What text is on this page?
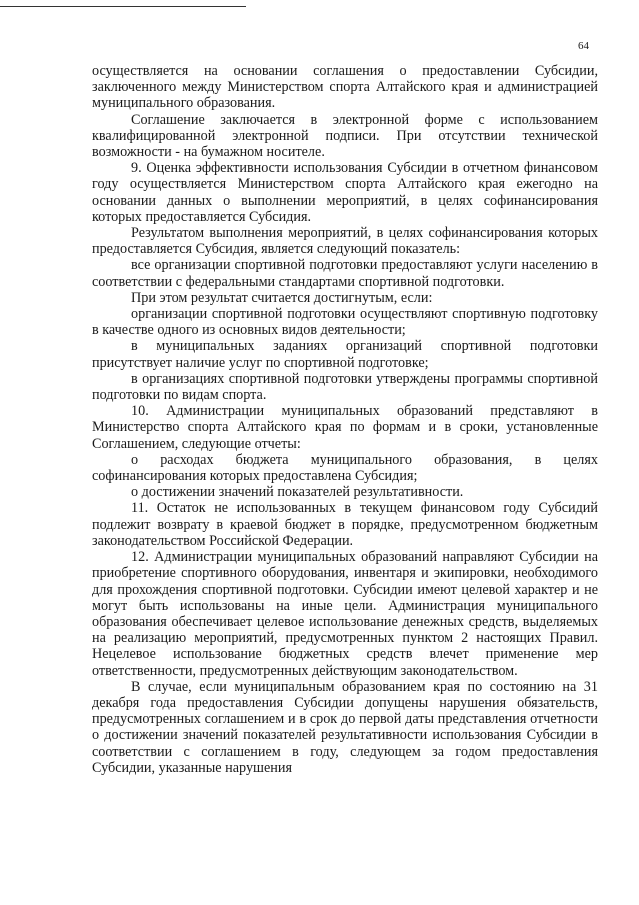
64

осуществляется на основании соглашения о предоставлении Субсидии, заключенного между Министерством спорта Алтайского края и администрацией муниципального образования.

Соглашение заключается в электронной форме с использованием квалифицированной электронной подписи. При отсутствии технической возможности - на бумажном носителе.

9. Оценка эффективности использования Субсидии в отчетном финансовом году осуществляется Министерством спорта Алтайского края ежегодно на основании данных о выполнении мероприятий, в целях софинансирования которых предоставляется Субсидия.

Результатом выполнения мероприятий, в целях софинансирования которых предоставляется Субсидия, является следующий показатель:

все организации спортивной подготовки предоставляют услуги населению в соответствии с федеральными стандартами спортивной подготовки.

При этом результат считается достигнутым, если:

организации спортивной подготовки осуществляют спортивную подготовку в качестве одного из основных видов деятельности;

в муниципальных заданиях организаций спортивной подготовки присутствует наличие услуг по спортивной подготовке;

в организациях спортивной подготовки утверждены программы спортивной подготовки по видам спорта.

10. Администрации муниципальных образований представляют в Министерство спорта Алтайского края по формам и в сроки, установленные Соглашением, следующие отчеты:

о расходах бюджета муниципального образования, в целях софинансирования которых предоставлена Субсидия;

о достижении значений показателей результативности.

11. Остаток не использованных в текущем финансовом году Субсидий подлежит возврату в краевой бюджет в порядке, предусмотренном бюджетным законодательством Российской Федерации.

12. Администрации муниципальных образований направляют Субсидии на приобретение спортивного оборудования, инвентаря и экипировки, необходимого для прохождения спортивной подготовки. Субсидии имеют целевой характер и не могут быть использованы на иные цели. Администрация муниципального образования обеспечивает целевое использование денежных средств, выделяемых на реализацию мероприятий, предусмотренных пунктом 2 настоящих Правил. Нецелевое использование бюджетных средств влечет применение мер ответственности, предусмотренных действующим законодательством.

В случае, если муниципальным образованием края по состоянию на 31 декабря года предоставления Субсидии допущены нарушения обязательств, предусмотренных соглашением и в срок до первой даты представления отчетности о достижении значений показателей результативности использования Субсидии в соответствии с соглашением в году, следующем за годом предоставления Субсидии, указанные нарушения
